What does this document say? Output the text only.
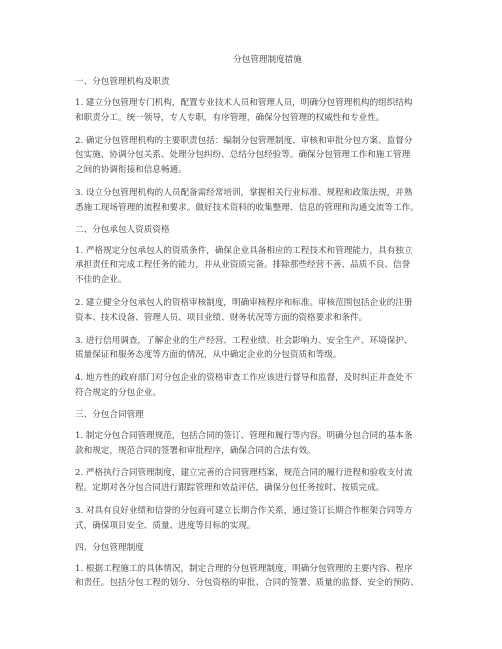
分包管理制度措施
一、分包管理机构及职责
1. 建立分包管理专门机构，配置专业技术人员和管理人员，明确分包管理机构的组织结构
和职责分工。统一领导，专人专职，有序管理，确保分包管理的权威性和专业性。
2. 确定分包管理机构的主要职责包括：编制分包管理制度、审核和审批分包方案、监督分
包实施、协调分包关系、处理分包纠纷、总结分包经验等。确保分包管理工作和施工管理
之间的协调衔接和信息畅通。
3. 设立分包管理机构的人员配备需经常培训，掌握相关行业标准、规程和政策法规，并熟
悉施工现场管理的流程和要求。做好技术资料的收集整理、信息的管理和沟通交流等工作。
二、分包承包人资质资格
1. 严格规定分包承包人的资质条件，确保企业具备相应的工程技术和管理能力，具有独立
承担责任和完成工程任务的能力，并从业资质完备。排除那些经营不善、品质不良、信誉
不佳的企业。
2. 建立健全分包承包人的资格审核制度，明确审核程序和标准。审核范围包括企业的注册
资本、技术设备、管理人员、项目业绩、财务状况等方面的资格要求和条件。
3. 进行信用调查，了解企业的生产经营、工程业绩、社会影响力、安全生产、环境保护、
质量保证和服务态度等方面的情况，从中确定企业的分包资质和等级。
4. 地方性的政府部门对分包企业的资格审查工作应该进行督导和监督，及时纠正并查处不
符合规定的分包企业。
三、分包合同管理
1. 制定分包合同管理规范，包括合同的签订、管理和履行等内容。明确分包合同的基本条
款和规定，规范合同的签署和审批程序，确保合同的合法有效。
2. 严格执行合同管理制度，建立完善的合同管理档案，规范合同的履行进程和验收支付流
程。定期对各分包合同进行跟踪管理和效益评估，确保分包任务按时、按质完成。
3. 对具有良好业绩和信誉的分包商可建立长期合作关系，通过签订长期合作框架合同等方
式，确保项目安全、质量、进度等目标的实现。
四、分包管理制度
1. 根据工程施工的具体情况，制定合理的分包管理制度，明确分包管理的主要内容、程序
和责任。包括分包工程的划分、分包资格的审批、合同的签署、质量的监督、安全的预防、
